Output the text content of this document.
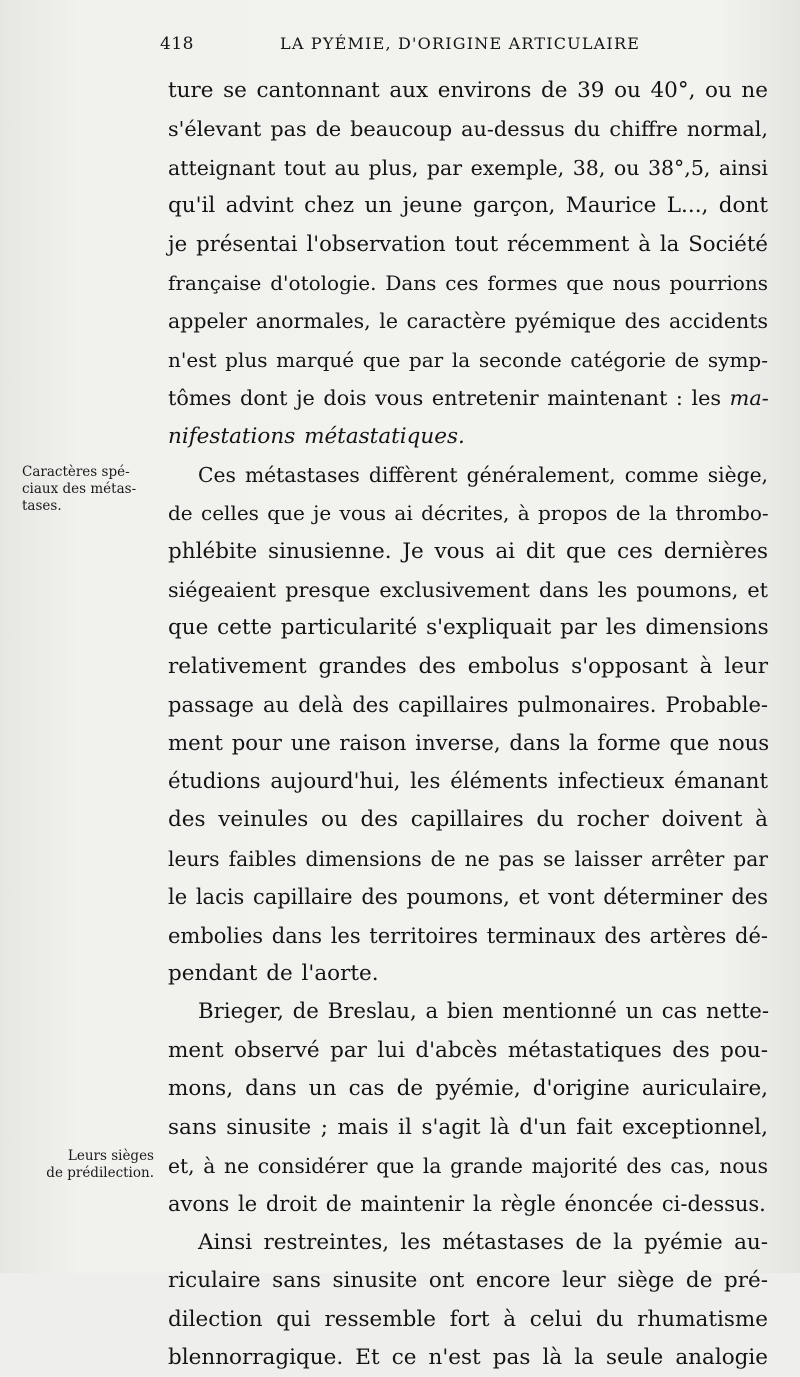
418	LA PYÉMIE, D'ORIGINE ARTICULAIRE
Caractères spé-
ciaux des métas-
tases.
Leurs sièges
de prédilection.
ture se cantonnant aux environs de 39 ou 40°, ou ne
s'élevant pas de beaucoup au-dessus du chiffre normal,
atteignant tout au plus, par exemple, 38, ou 38°,5, ainsi
qu'il advint chez un jeune garçon, Maurice L..., dont
je présentai l'observation tout récemment à la Société
française d'otologie. Dans ces formes que nous pourrions
appeler anormales, le caractère pyémique des accidents
n'est plus marqué que par la seconde catégorie de symp-
tômes dont je dois vous entretenir maintenant : les ma-
nifestations métastatiques.
Ces métastases diffèrent généralement, comme siège,
de celles que je vous ai décrites, à propos de la thrombo-
phlébite sinusienne. Je vous ai dit que ces dernières
siégeaient presque exclusivement dans les poumons, et
que cette particularité s'expliquait par les dimensions
relativement grandes des embolus s'opposant à leur
passage au delà des capillaires pulmonaires. Probable-
ment pour une raison inverse, dans la forme que nous
étudions aujourd'hui, les éléments infectieux émanant
des veinules ou des capillaires du rocher doivent à
leurs faibles dimensions de ne pas se laisser arrêter par
le lacis capillaire des poumons, et vont déterminer des
embolies dans les territoires terminaux des artères dé-
pendant de l'aorte.
Brieger, de Breslau, a bien mentionné un cas nette-
ment observé par lui d'abcès métastatiques des pou-
mons, dans un cas de pyémie, d'origine auriculaire,
sans sinusite ; mais il s'agit là d'un fait exceptionnel,
et, à ne considérer que la grande majorité des cas, nous
avons le droit de maintenir la règle énoncée ci-dessus.
Ainsi restreintes, les métastases de la pyémie au-
riculaire sans sinusite ont encore leur siège de pré-
dilection qui ressemble fort à celui du rhumatisme
blennorragique. Et ce n'est pas là la seule analogie
